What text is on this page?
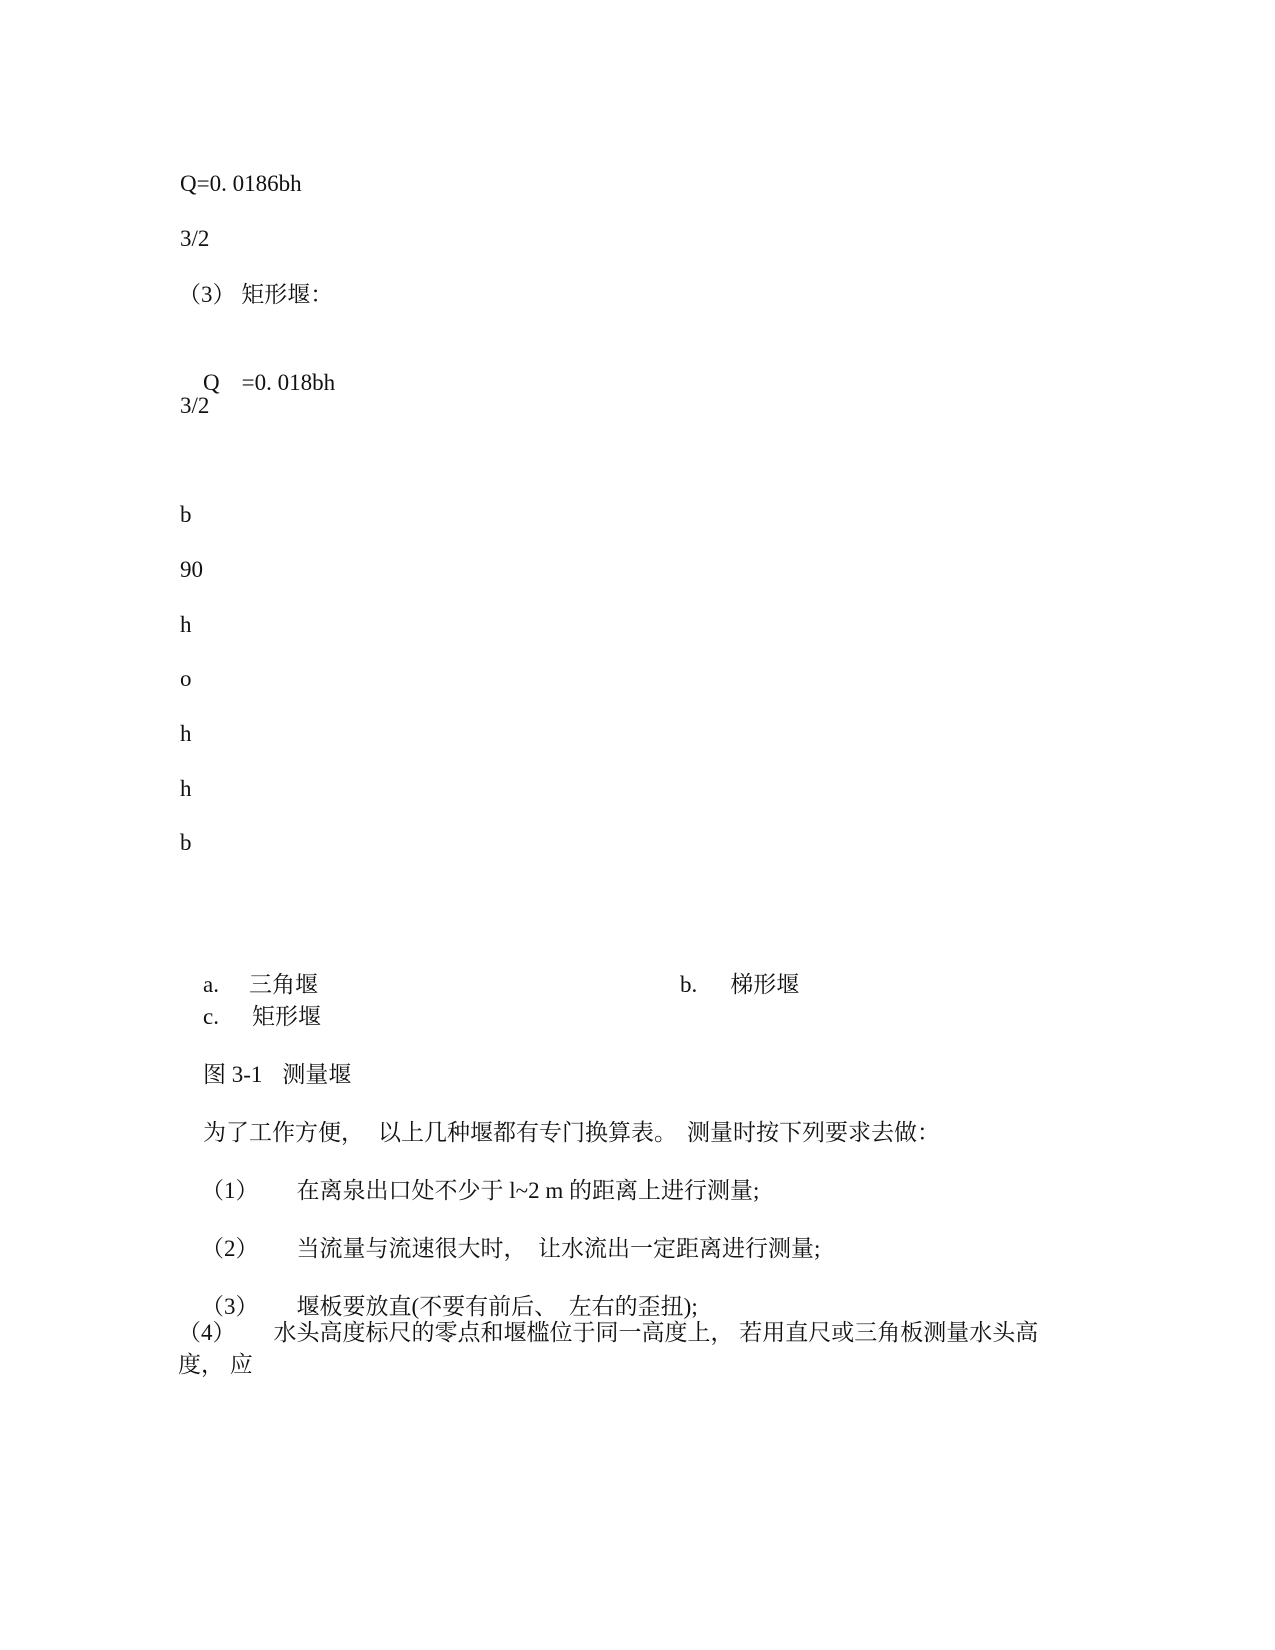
Q=0. 0186bh
3/2
（3） 矩形堰：

Q =0. 018bh

3/2
b
90
h
o
h
h
b

a. 三角堰
	b. 梯形堰

c. 矩形堰

图 3-1 测量堰

为了工作方便， 以上几种堰都有专门换算表。 测量时按下列要求去做：

（1） 在离泉出口处不少于 l~2 m 的距离上进行测量;

（2） 当流量与流速很大时，  让水流出一定距离进行测量;

（3） 堰板要放直(不要有前后、  左右的歪扭);

（4） 水头高度标尺的零点和堰槛位于同一高度上， 若用直尺或三角板测量水头高度， 应
